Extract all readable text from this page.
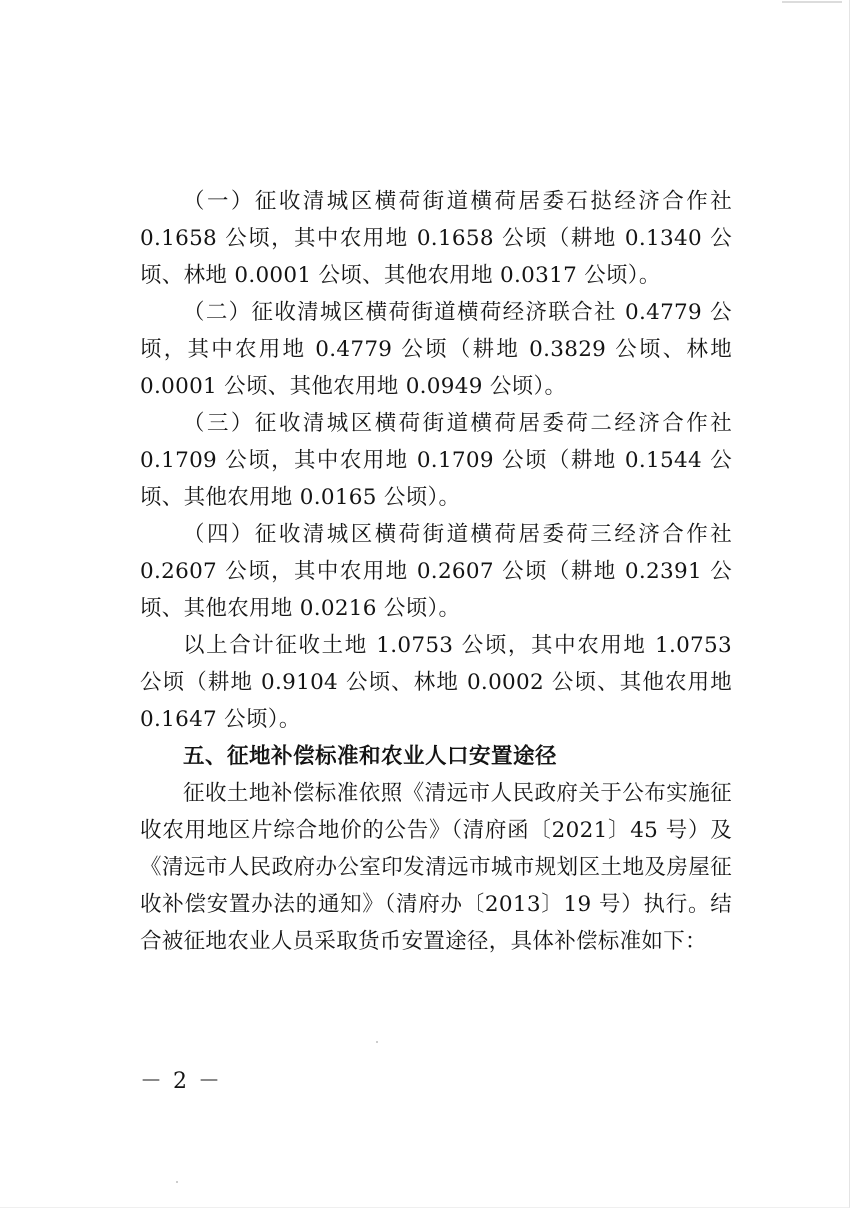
（一）征收清城区横荷街道横荷居委石挞经济合作社 0.1658 公顷，其中农用地 0.1658 公顷（耕地 0.1340 公顷、林地 0.0001 公顷、其他农用地 0.0317 公顷）。

（二）征收清城区横荷街道横荷经济联合社 0.4779 公顷，其中农用地 0.4779 公顷（耕地 0.3829 公顷、林地 0.0001 公顷、其他农用地 0.0949 公顷）。

（三）征收清城区横荷街道横荷居委荷二经济合作社 0.1709 公顷，其中农用地 0.1709 公顷（耕地 0.1544 公顷、其他农用地 0.0165 公顷）。

（四）征收清城区横荷街道横荷居委荷三经济合作社 0.2607 公顷，其中农用地 0.2607 公顷（耕地 0.2391 公顷、其他农用地 0.0216 公顷）。

以上合计征收土地 1.0753 公顷，其中农用地 1.0753 公顷（耕地 0.9104 公顷、林地 0.0002 公顷、其他农用地 0.1647 公顷）。

五、征地补偿标准和农业人口安置途径

征收土地补偿标准依照《清远市人民政府关于公布实施征收农用地区片综合地价的公告》（清府函〔2021〕45 号）及《清远市人民政府办公室印发清远市城市规划区土地及房屋征收补偿安置办法的通知》（清府办〔2013〕19 号）执行。结合被征地农业人员采取货币安置途径，具体补偿标准如下：

－ 2 －
